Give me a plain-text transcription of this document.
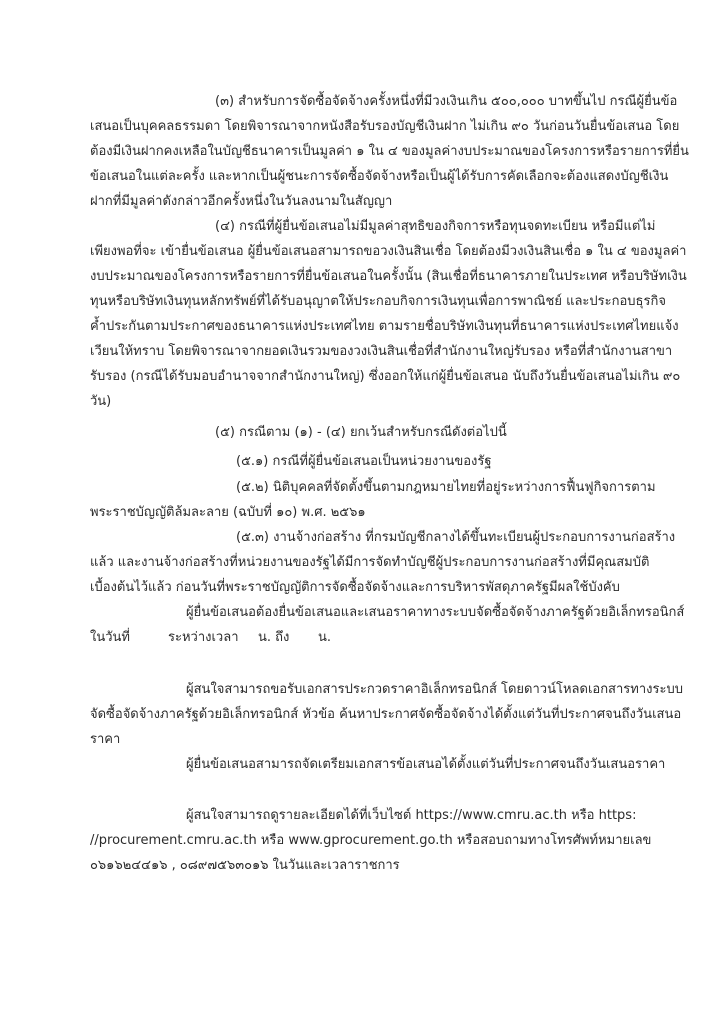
(๓) สำหรับการจัดซื้อจัดจ้างครั้งหนึ่งที่มีวงเงินเกิน ๕๐๐,๐๐๐ บาทขึ้นไป กรณีผู้ยื่นข้อ
เสนอเป็นบุคคลธรรมดา โดยพิจารณาจากหนังสือรับรองบัญชีเงินฝาก ไม่เกิน ๙๐ วันก่อนวันยื่นข้อเสนอ โดย
ต้องมีเงินฝากคงเหลือในบัญชีธนาคารเป็นมูลค่า ๑ ใน ๔ ของมูลค่างบประมาณของโครงการหรือรายการที่ยื่น
ข้อเสนอในแต่ละครั้ง และหากเป็นผู้ชนะการจัดซื้อจัดจ้างหรือเป็นผู้ได้รับการคัดเลือกจะต้องแสดงบัญชีเงิน
ฝากที่มีมูลค่าดังกล่าวอีกครั้งหนึ่งในวันลงนามในสัญญา
(๔) กรณีที่ผู้ยื่นข้อเสนอไม่มีมูลค่าสุทธิของกิจการหรือทุนจดทะเบียน หรือมีแต่ไม่
เพียงพอที่จะ เข้ายื่นข้อเสนอ ผู้ยื่นข้อเสนอสามารถขอวงเงินสินเชื่อ โดยต้องมีวงเงินสินเชื่อ ๑ ใน ๔ ของมูลค่า
งบประมาณของโครงการหรือรายการที่ยื่นข้อเสนอในครั้งนั้น (สินเชื่อที่ธนาคารภายในประเทศ หรือบริษัทเงิน
ทุนหรือบริษัทเงินทุนหลักทรัพย์ที่ได้รับอนุญาตให้ประกอบกิจการเงินทุนเพื่อการพาณิชย์ และประกอบธุรกิจ
ค้ำประกันตามประกาศของธนาคารแห่งประเทศไทย ตามรายชื่อบริษัทเงินทุนที่ธนาคารแห่งประเทศไทยแจ้ง
เวียนให้ทราบ โดยพิจารณาจากยอดเงินรวมของวงเงินสินเชื่อที่สำนักงานใหญ่รับรอง หรือที่สำนักงานสาขา
รับรอง (กรณีได้รับมอบอำนาจจากสำนักงานใหญ่) ซึ่งออกให้แก่ผู้ยื่นข้อเสนอ นับถึงวันยื่นข้อเสนอไม่เกิน ๙๐
วัน)
(๕) กรณีตาม (๑) - (๔) ยกเว้นสำหรับกรณีดังต่อไปนี้
(๕.๑) กรณีที่ผู้ยื่นข้อเสนอเป็นหน่วยงานของรัฐ
(๕.๒) นิติบุคคลที่จัดตั้งขึ้นตามกฎหมายไทยที่อยู่ระหว่างการฟื้นฟูกิจการตาม
พระราชบัญญัติล้มละลาย (ฉบับที่ ๑๐) พ.ศ. ๒๕๖๑
(๕.๓) งานจ้างก่อสร้าง ที่กรมบัญชีกลางได้ขึ้นทะเบียนผู้ประกอบการงานก่อสร้าง
แล้ว และงานจ้างก่อสร้างที่หน่วยงานของรัฐได้มีการจัดทำบัญชีผู้ประกอบการงานก่อสร้างที่มีคุณสมบัติ
เบื้องต้นไว้แล้ว ก่อนวันที่พระราชบัญญัติการจัดซื้อจัดจ้างและการบริหารพัสดุภาครัฐมีผลใช้บังคับ
ผู้ยื่นข้อเสนอต้องยื่นข้อเสนอและเสนอราคาทางระบบจัดซื้อจัดจ้างภาครัฐด้วยอิเล็กทรอนิกส์
ในวันที่	ระหว่างเวลา น. ถึง น.
ผู้สนใจสามารถขอรับเอกสารประกวดราคาอิเล็กทรอนิกส์ โดยดาวน์โหลดเอกสารทางระบบ
จัดซื้อจัดจ้างภาครัฐด้วยอิเล็กทรอนิกส์ หัวข้อ ค้นหาประกาศจัดซื้อจัดจ้างได้ตั้งแต่วันที่ประกาศจนถึงวันเสนอ
ราคา
ผู้ยื่นข้อเสนอสามารถจัดเตรียมเอกสารข้อเสนอได้ตั้งแต่วันที่ประกาศจนถึงวันเสนอราคา
ผู้สนใจสามารถดูรายละเอียดได้ที่เว็บไซต์ https://www.cmru.ac.th หรือ https:
//procurement.cmru.ac.th หรือ www.gprocurement.go.th หรือสอบถามทางโทรศัพท์หมายเลข
๐๖๑๖๒๔๔๑๖ , ๐๘๙๗๕๖๓๐๑๖ ในวันและเวลาราชการ
